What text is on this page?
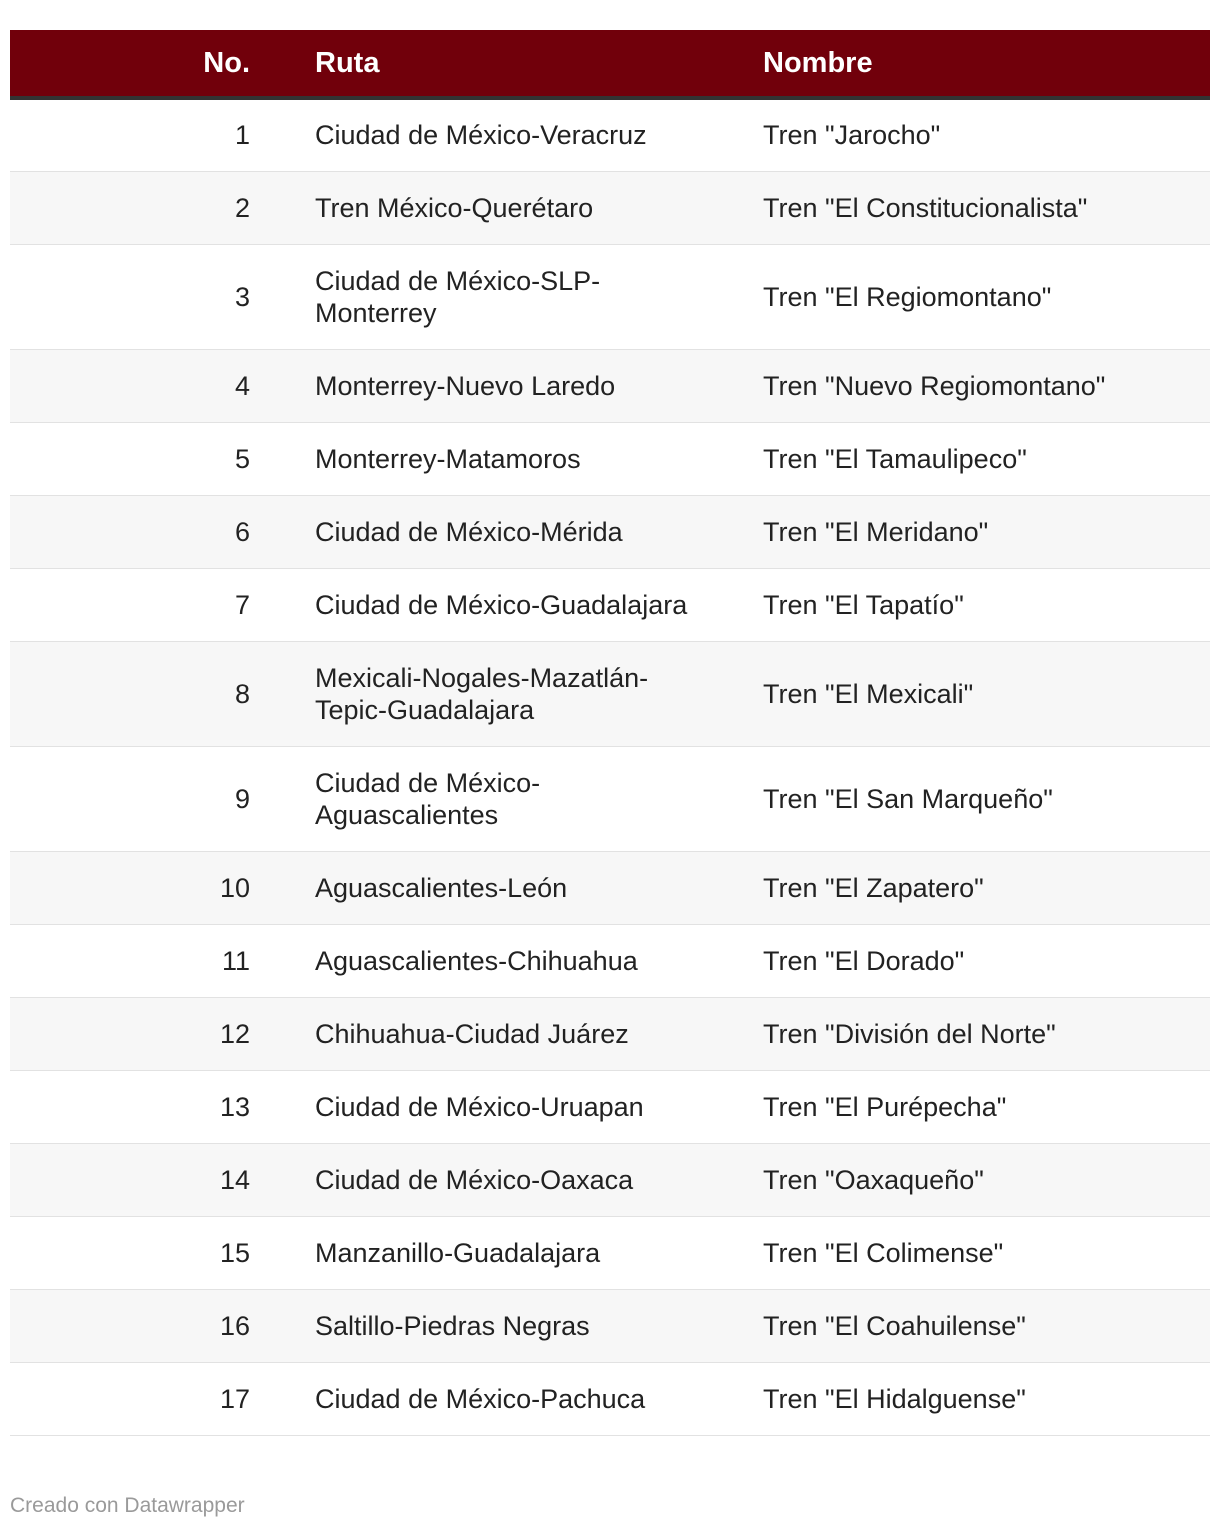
No.	Ruta	Nombre
1	Ciudad de México-Veracruz	Tren "Jarocho"
2	Tren México-Querétaro	Tren "El Constitucionalista"
3	Ciudad de México-SLP-Monterrey	Tren "El Regiomontano"
4	Monterrey-Nuevo Laredo	Tren "Nuevo Regiomontano"
5	Monterrey-Matamoros	Tren "El Tamaulipeco"
6	Ciudad de México-Mérida	Tren "El Meridano"
7	Ciudad de México-Guadalajara	Tren "El Tapatío"
8	Mexicali-Nogales-Mazatlán-Tepic-Guadalajara	Tren "El Mexicali"
9	Ciudad de México-Aguascalientes	Tren "El San Marqueño"
10	Aguascalientes-León	Tren "El Zapatero"
11	Aguascalientes-Chihuahua	Tren "El Dorado"
12	Chihuahua-Ciudad Juárez	Tren "División del Norte"
13	Ciudad de México-Uruapan	Tren "El Purépecha"
14	Ciudad de México-Oaxaca	Tren "Oaxaqueño"
15	Manzanillo-Guadalajara	Tren "El Colimense"
16	Saltillo-Piedras Negras	Tren "El Coahuilense"
17	Ciudad de México-Pachuca	Tren "El Hidalguense"
Creado con Datawrapper
